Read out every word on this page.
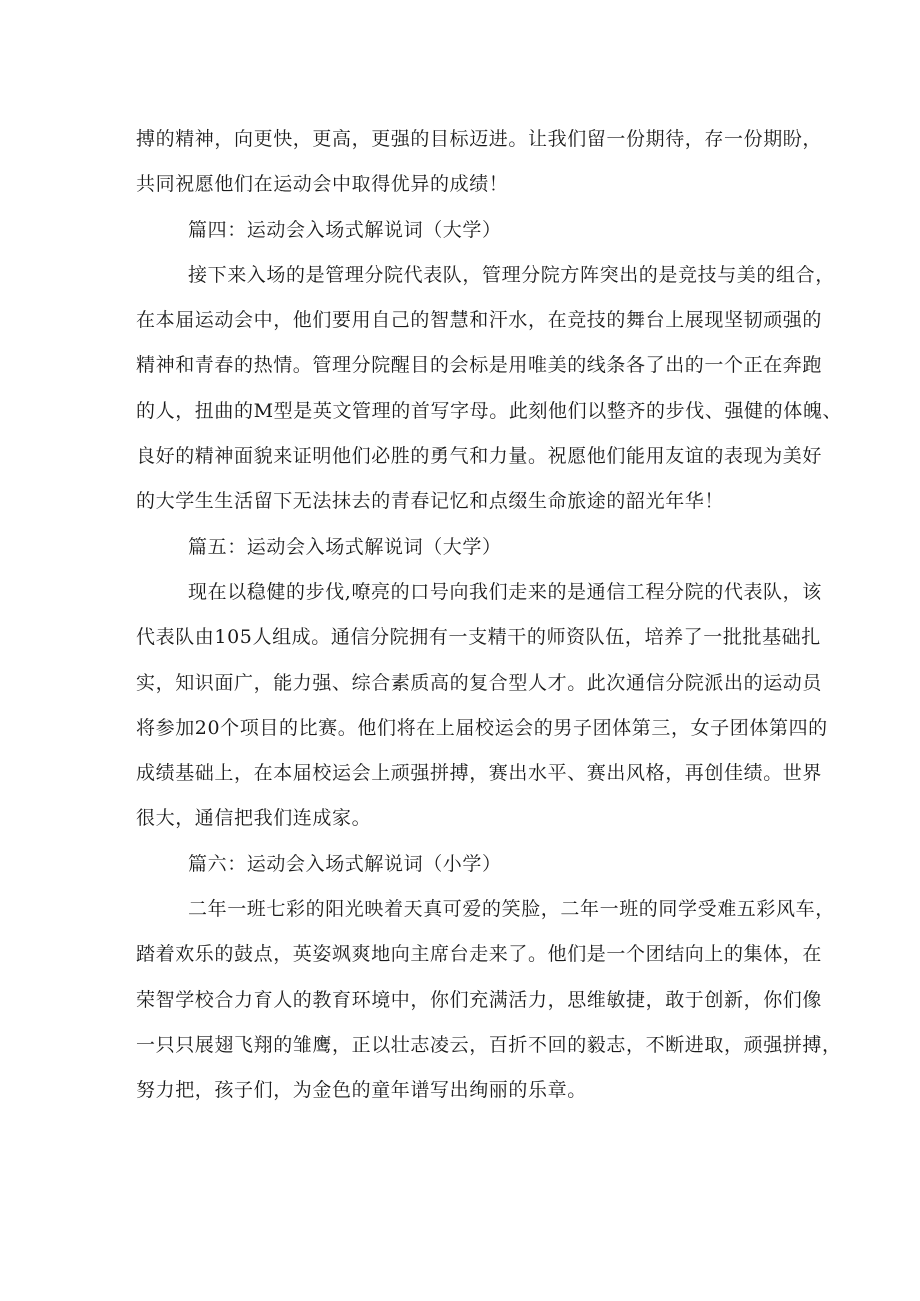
搏的精神，向更快，更高，更强的目标迈进。让我们留一份期待，存一份期盼，
共同祝愿他们在运动会中取得优异的成绩！
篇四：运动会入场式解说词（大学）
接下来入场的是管理分院代表队，管理分院方阵突出的是竞技与美的组合，
在本届运动会中，他们要用自己的智慧和汗水，在竞技的舞台上展现坚韧顽强的
精神和青春的热情。管理分院醒目的会标是用唯美的线条各了出的一个正在奔跑
的人，扭曲的M型是英文管理的首写字母。此刻他们以整齐的步伐、强健的体魄、
良好的精神面貌来证明他们必胜的勇气和力量。祝愿他们能用友谊的表现为美好
的大学生生活留下无法抹去的青春记忆和点缀生命旅途的韶光年华！
篇五：运动会入场式解说词（大学）
现在以稳健的步伐,嘹亮的口号向我们走来的是通信工程分院的代表队，该
代表队由105人组成。通信分院拥有一支精干的师资队伍，培养了一批批基础扎
实，知识面广，能力强、综合素质高的复合型人才。此次通信分院派出的运动员
将参加20个项目的比赛。他们将在上届校运会的男子团体第三，女子团体第四的
成绩基础上，在本届校运会上顽强拼搏，赛出水平、赛出风格，再创佳绩。世界
很大，通信把我们连成家。
篇六：运动会入场式解说词（小学）
二年一班七彩的阳光映着天真可爱的笑脸，二年一班的同学受难五彩风车，
踏着欢乐的鼓点，英姿飒爽地向主席台走来了。他们是一个团结向上的集体，在
荣智学校合力育人的教育环境中，你们充满活力，思维敏捷，敢于创新，你们像
一只只展翅飞翔的雏鹰，正以壮志凌云，百折不回的毅志，不断进取，顽强拼搏，
努力把，孩子们，为金色的童年谱写出绚丽的乐章。
